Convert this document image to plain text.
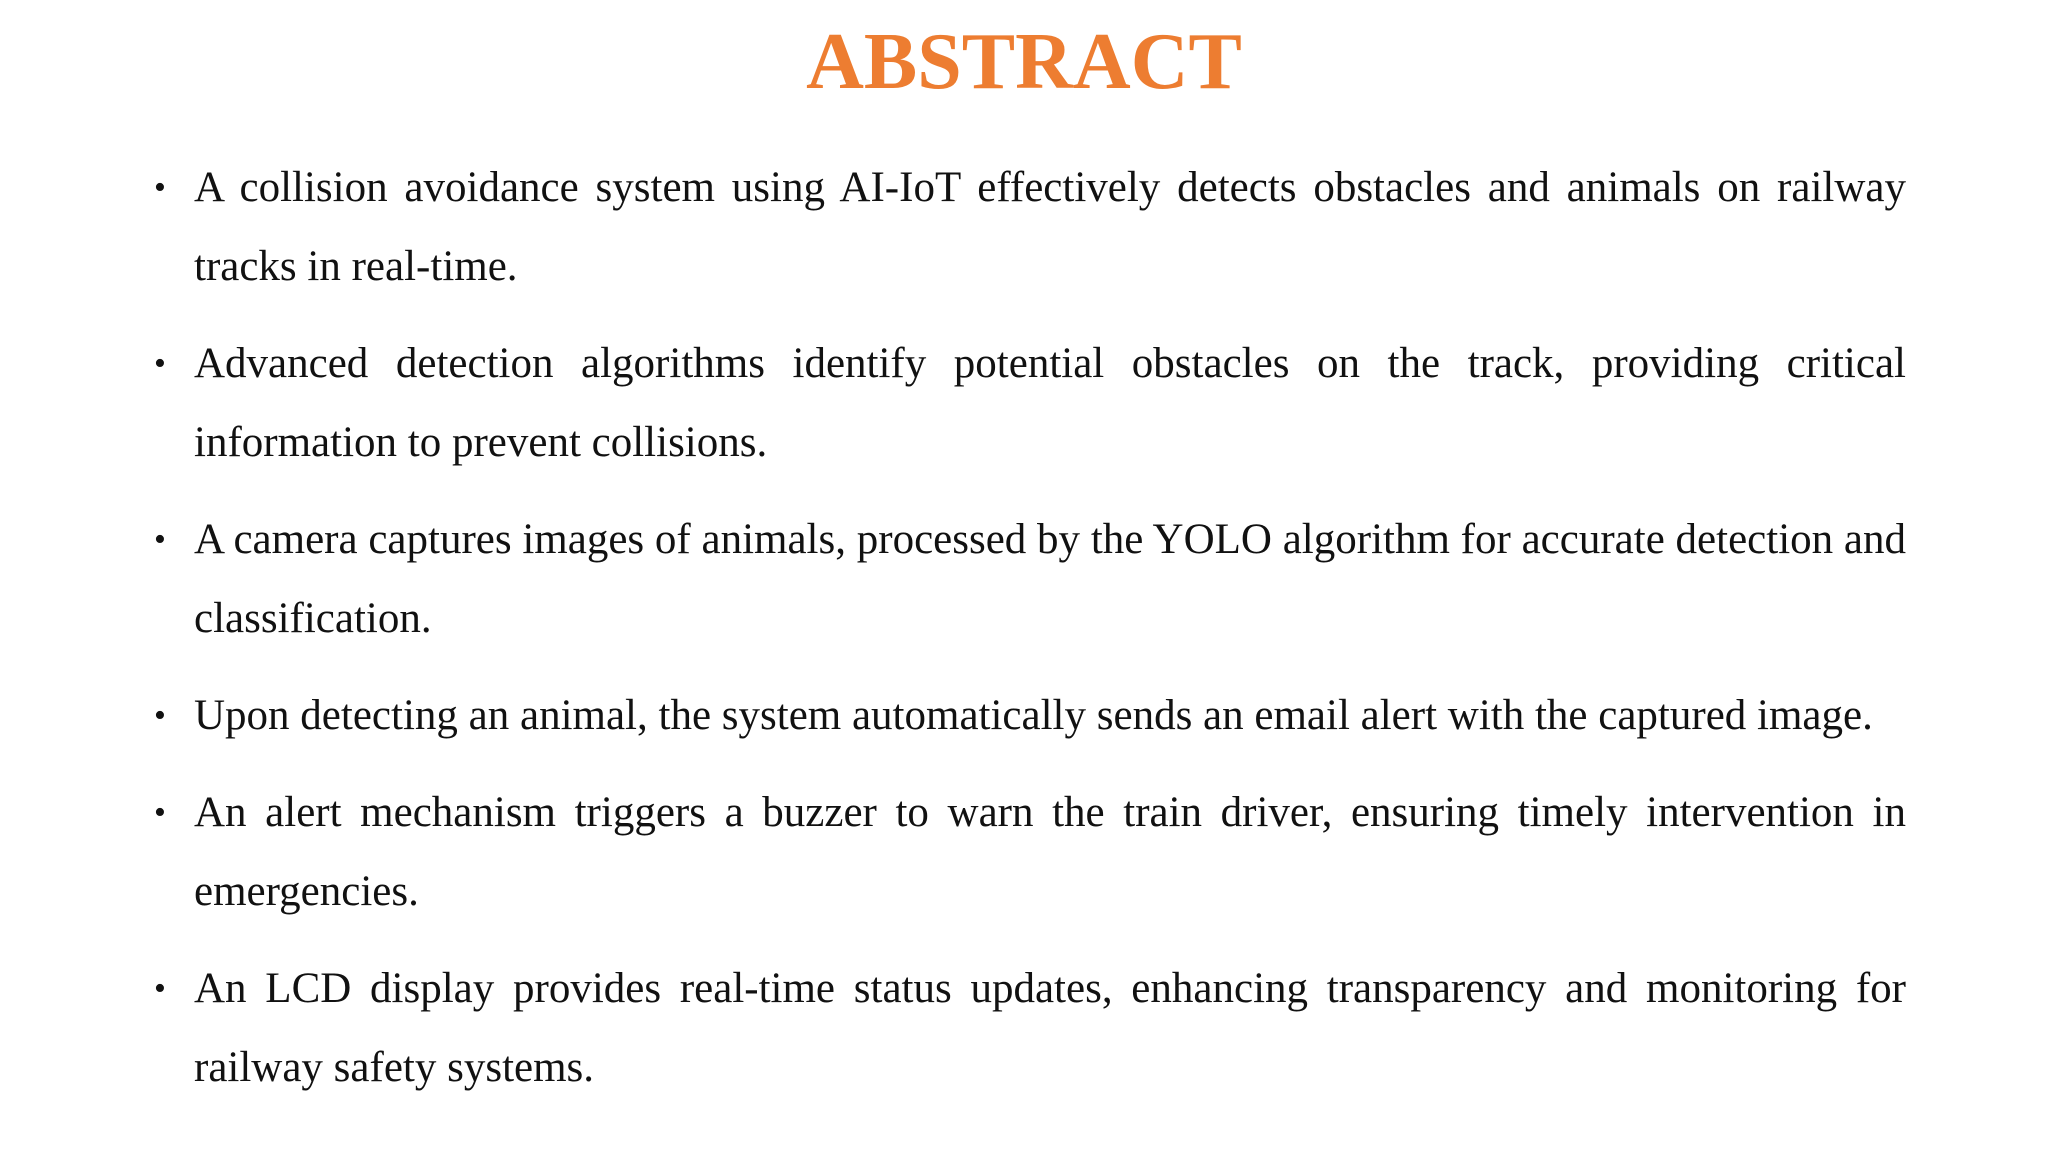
ABSTRACT
• A collision avoidance system using AI-IoT effectively detects obstacles and animals on railway tracks in real-time.
• Advanced detection algorithms identify potential obstacles on the track, providing critical information to prevent collisions.
• A camera captures images of animals, processed by the YOLO algorithm for accurate detection and classification.
• Upon detecting an animal, the system automatically sends an email alert with the captured image.
• An alert mechanism triggers a buzzer to warn the train driver, ensuring timely intervention in emergencies.
• An LCD display provides real-time status updates, enhancing transparency and monitoring for railway safety systems.
